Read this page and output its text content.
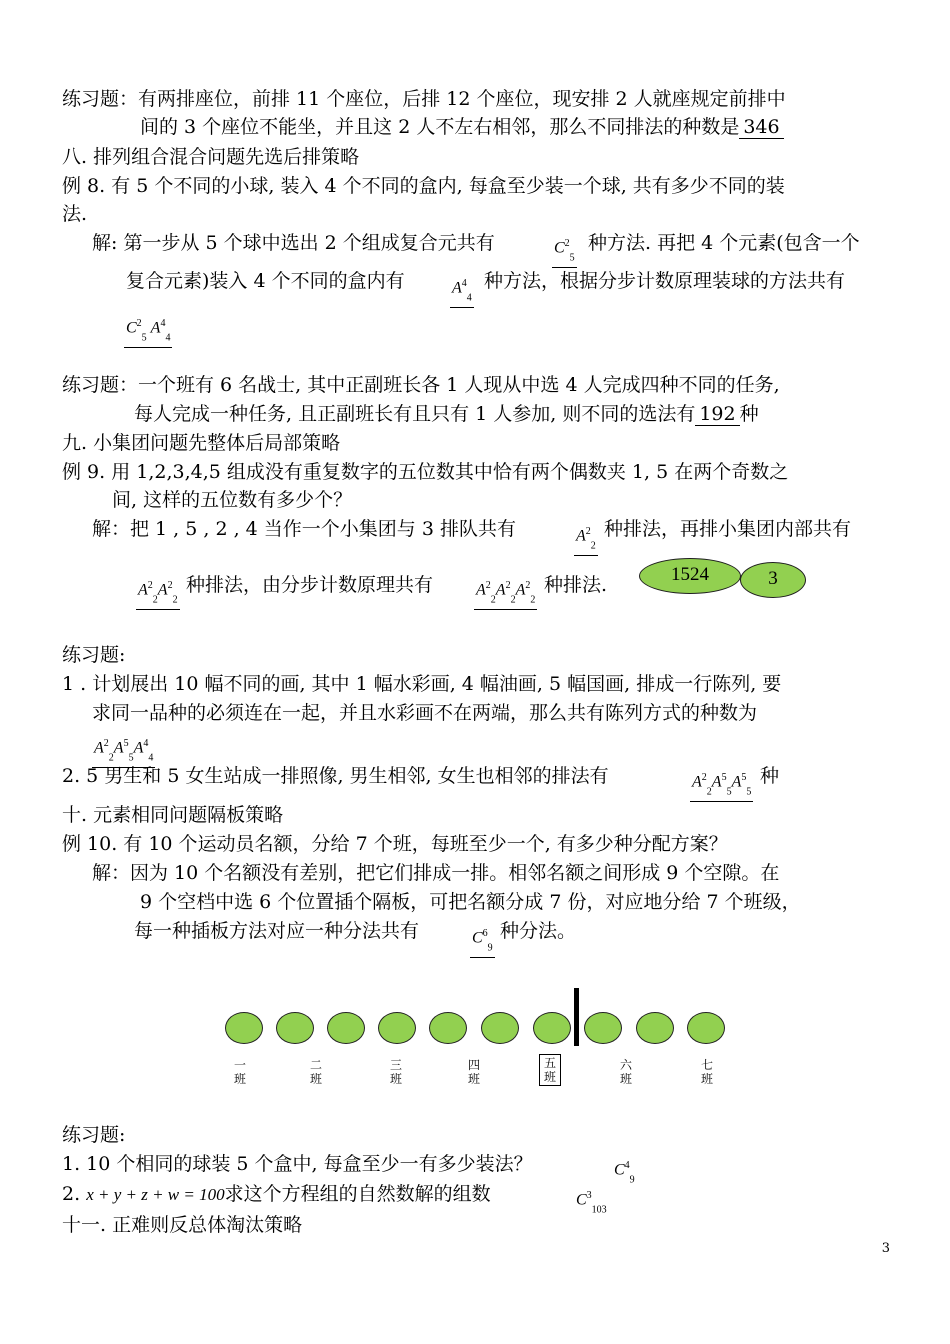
练习题：有两排座位，前排 11 个座位，后排 12 个座位，现安排 2 人就座规定前排中
间的 3 个座位不能坐，并且这 2 人不左右相邻，那么不同排法的种数是 346
八. 排列组合混合问题先选后排策略
例 8. 有 5 个不同的小球, 装入 4 个不同的盒内, 每盒至少装一个球, 共有多少不同的装
法.
解: 第一步从 5 个球中选出 2 个组成复合元共有	$C^2_5$
种方法. 再把 4 个元素(包含一个
复合元素)装入 4 个不同的盒内有	$A^4_4$
种方法，根据分步计数原理装球的方法共有
$C^2_5$ $A^4_4$
练习题：一个班有 6 名战士, 其中正副班长各 1 人现从中选 4 人完成四种不同的任务,
每人完成一种任务, 且正副班长有且只有 1 人参加, 则不同的选法有 192 种
九. 小集团问题先整体后局部策略
例 9. 用 1,2,3,4,5 组成没有重复数字的五位数其中恰有两个偶数夹 1, 5 在两个奇数之
间, 这样的五位数有多少个？
解：把 1 , 5 , 2 , 4 当作一个小集团与 3 排队共有	$A^2_2$
种排法，再排小集团内部共有
$A^2_2A^2_2$
种排法，由分步计数原理共有	$A^2_2A^2_2A^2_2$
种排法.	1524	3
练习题:
1 . 计划展出 10 幅不同的画, 其中 1 幅水彩画, 4 幅油画, 5 幅国画, 排成一行陈列, 要
求同一品种的必须连在一起，并且水彩画不在两端，那么共有陈列方式的种数为
$A^2_2A^5_5A^4_4$
2. 5 男生和 5 女生站成一排照像, 男生相邻, 女生也相邻的排法有	$A^2_2A^5_5A^5_5$
种
十. 元素相同问题隔板策略
例 10. 有 10 个运动员名额，分给 7 个班，每班至少一个, 有多少种分配方案？
解：因为 10 个名额没有差别，把它们排成一排。相邻名额之间形成 9 个空隙。在
9 个空档中选 6 个位置插个隔板，可把名额分成 7 份，对应地分给 7 个班级，
每一种插板方法对应一种分法共有	$C^6_9$
种分法。
一
班
二
班
三
班
四
班
五
班
六
班
七
班
练习题:
1. 10 个相同的球装 5 个盒中, 每盒至少一有多少装法？	$C^4_9$
2. x + y + z + w = 100求这个方程组的自然数解的组数	$C^3_{103}$
十一. 正难则反总体淘汰策略
3
